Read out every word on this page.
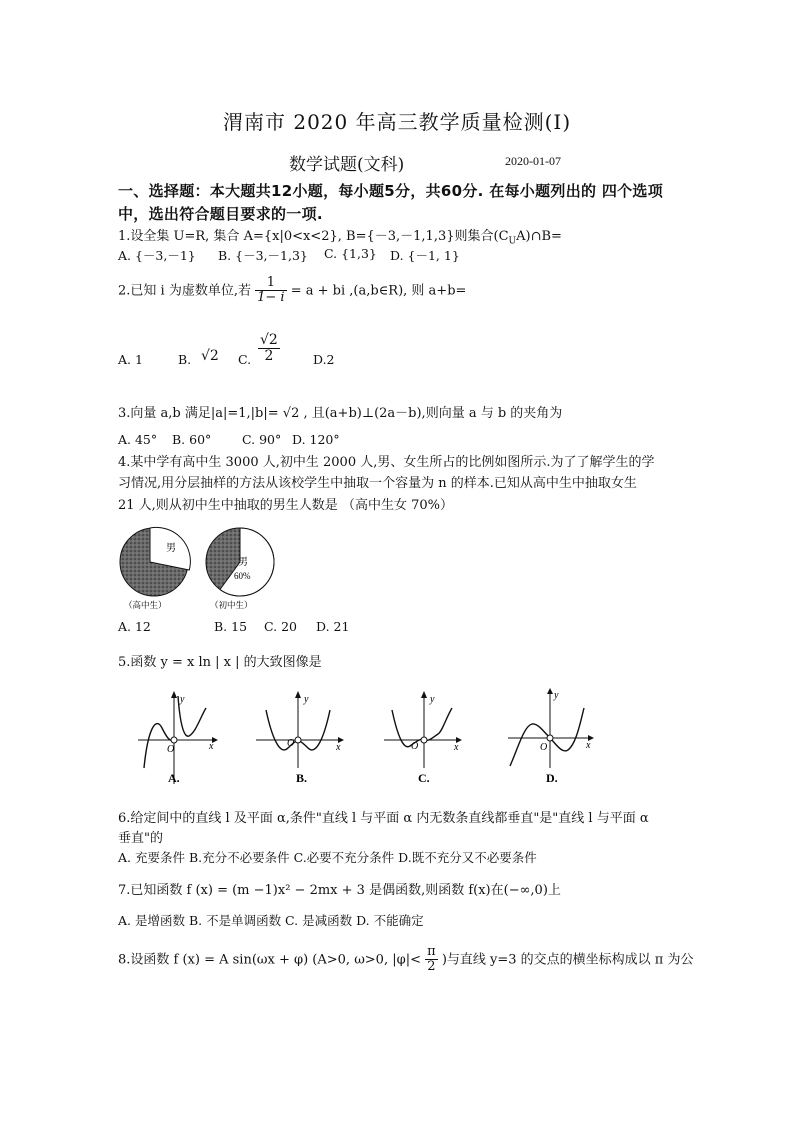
渭南市 2020 年高三教学质量检测(Ⅰ)
数学试题(文科)	2020-01-07
一、选择题：本大题共12小题，每小题5分，共60分. 在每小题列出的 四个选项
中，选出符合题目要求的一项.
1.设全集 U=R, 集合 A={x|0<x<2}, B={－3,－1,1,3}则集合$(C_UA)\cap B=$
A. {－3,－1} B. {－3,－1,3} C. {1,3} D. {－1, 1}
2.已知 i 为虚数单位,若 $\frac{1}{1- i} = a$ + bi ,(a,b∈R), 则 a+b=
A. 1	B. √2 C. $\frac{√2}{2}$	D.2
3.向量 a,b 满足|a|=1,|b|= √2 , 且(a+b)⊥(2a－b),则向量 a 与 b 的夹角为
A. 45° B. 60° C. 90° D. 120°
4.某中学有高中生 3000 人,初中生 2000 人,男、女生所占的比例如图所示.为了了解学生的学
习情况,用分层抽样的方法从该校学生中抽取一个容量为 n 的样本.已知从高中生中抽取女生
21 人,则从初中生中抽取的男生人数是 （高中生女 70%）
男
（高中生）
男
60%
（初中生）
A. 12	B. 15 C. 20 D. 21
5.函数 y = x ln | x | 的大致图像是
O	x
y
A.
O	x
y
B.
O	x
y
C.
O	x
y
D.
6.给定间中的直线 l 及平面 α,条件"直线 l 与平面 α 内无数条直线都垂直"是"直线 l 与平面 α
垂直"的
A. 充要条件 B.充分不必要条件 C.必要不充分条件 D.既不充分又不必要条件
7.已知函数 f (x) = (m −1)x² − 2mx + 3 是偶函数,则函数 f(x)在(−∞,0)上
A. 是增函数 B. 不是单调函数 C. 是减函数 D. 不能确定
8.设函数 f (x) = A sin(ωx + φ) (A>0, ω>0, $|\varphi|< \frac{\pi}{2}$ )与直线 y=3 的交点的横坐标构成以 π 为公
